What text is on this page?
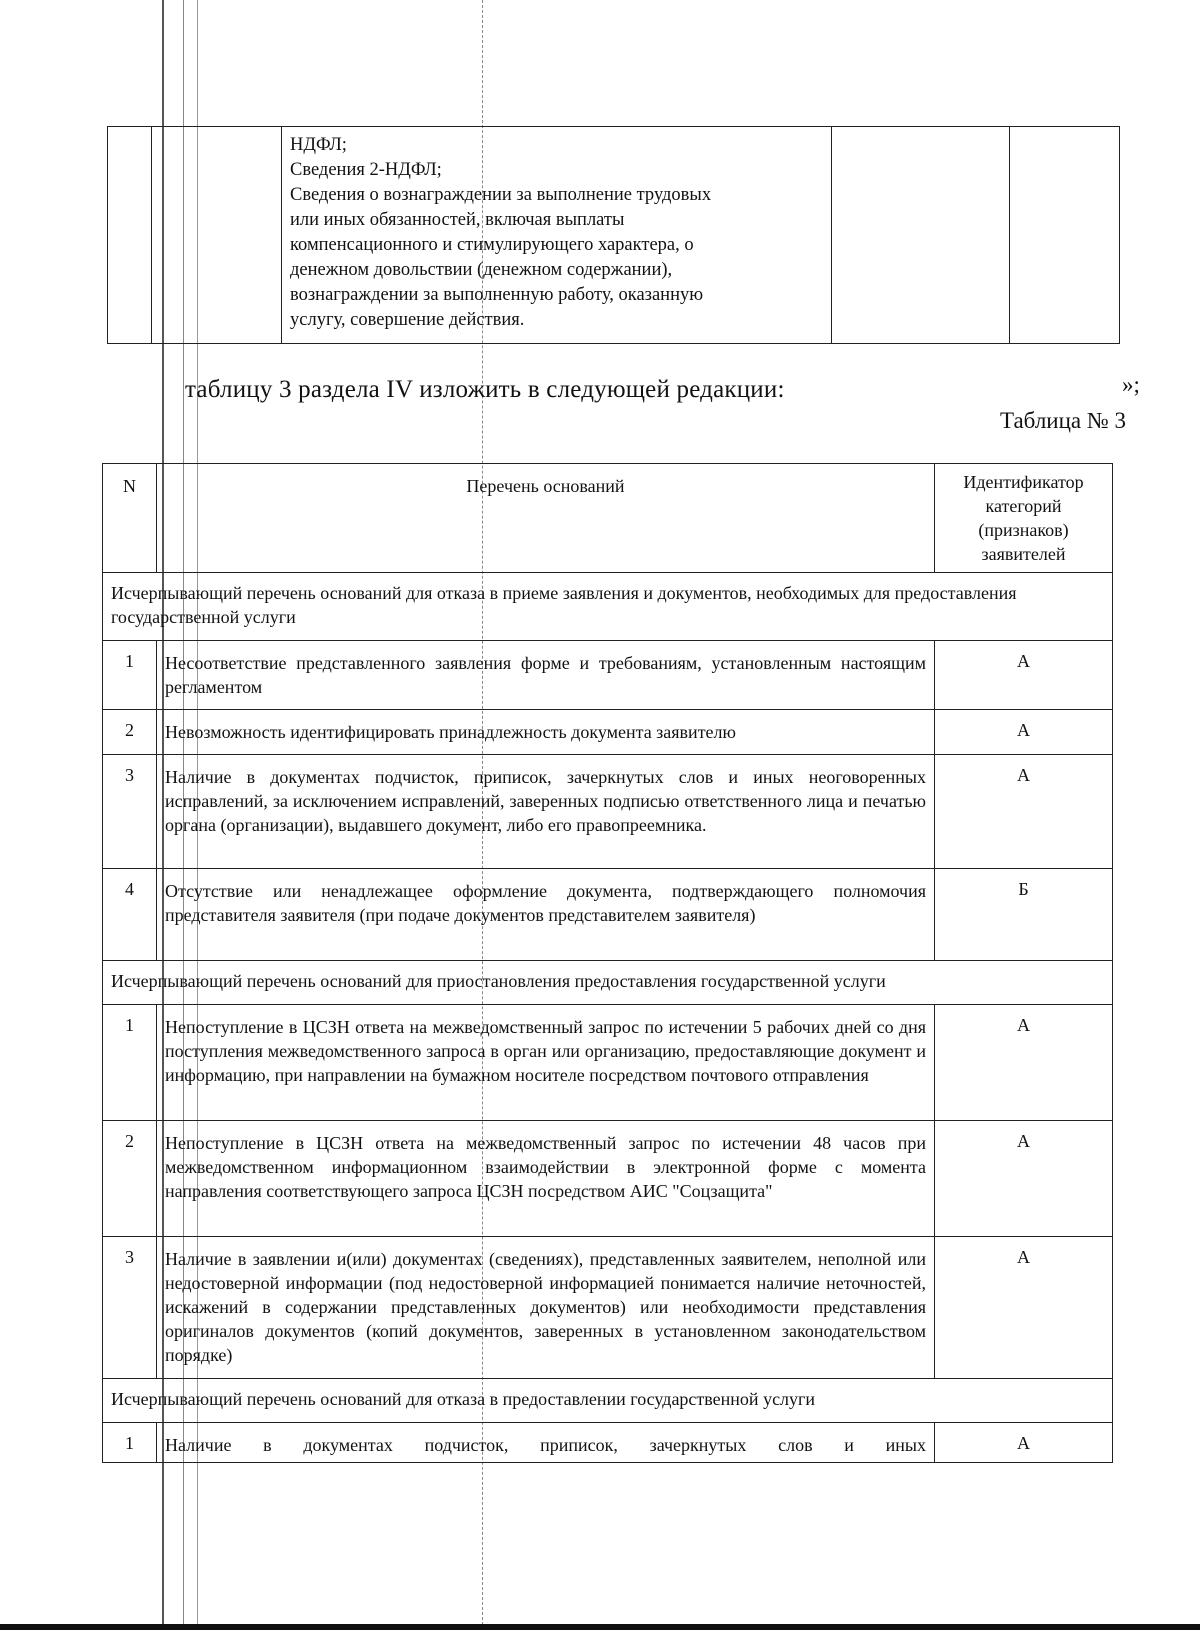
НДФЛ;
Сведения 2-НДФЛ;
Сведения о вознаграждении за выполнение трудовых
или иных обязанностей, включая выплаты
компенсационного и стимулирующего характера, о
денежном довольствии (денежном содержании),
вознаграждении за выполненную работу, оказанную
услугу, совершение действия.

»;
таблицу 3 раздела IV изложить в следующей редакции:
Таблица № 3
N	Перечень оснований	Идентификатор категорий (признаков) заявителей
Исчерпывающий перечень оснований для отказа в приеме заявления и документов, необходимых для предоставления государственной услуги		
1	Несоответствие представленного заявления форме и требованиям, установленным настоящим регламентом	А
2	Невозможность идентифицировать принадлежность документа заявителю	А
3	Наличие в документах подчисток, приписок, зачеркнутых слов и иных неоговоренных исправлений, за исключением исправлений, заверенных подписью ответственного лица и печатью органа (организации), выдавшего документ, либо его правопреемника.	А
4	Отсутствие или ненадлежащее оформление документа, подтверждающего полномочия представителя заявителя (при подаче документов представителем заявителя)	Б
Исчерпывающий перечень оснований для приостановления предоставления государственной услуги		
1	Непоступление в ЦСЗН ответа на межведомственный запрос по истечении 5 рабочих дней со дня поступления межведомственного запроса в орган или организацию, предоставляющие документ и информацию, при направлении на бумажном носителе посредством почтового отправления	А
2	Непоступление в ЦСЗН ответа на межведомственный запрос по истечении 48 часов при межведомственном информационном взаимодействии в электронной форме с момента направления соответствующего запроса ЦСЗН посредством АИС "Соцзащита"	А
3	Наличие в заявлении и(или) документах (сведениях), представленных заявителем, неполной или недостоверной информации (под недостоверной информацией понимается наличие неточностей, искажений в содержании представленных документов) или необходимости представления оригиналов документов (копий документов, заверенных в установленном законодательством порядке)	А
Исчерпывающий перечень оснований для отказа в предоставлении государственной услуги		
1	Наличие в документах подчисток, приписок, зачеркнутых слов и иных	А
